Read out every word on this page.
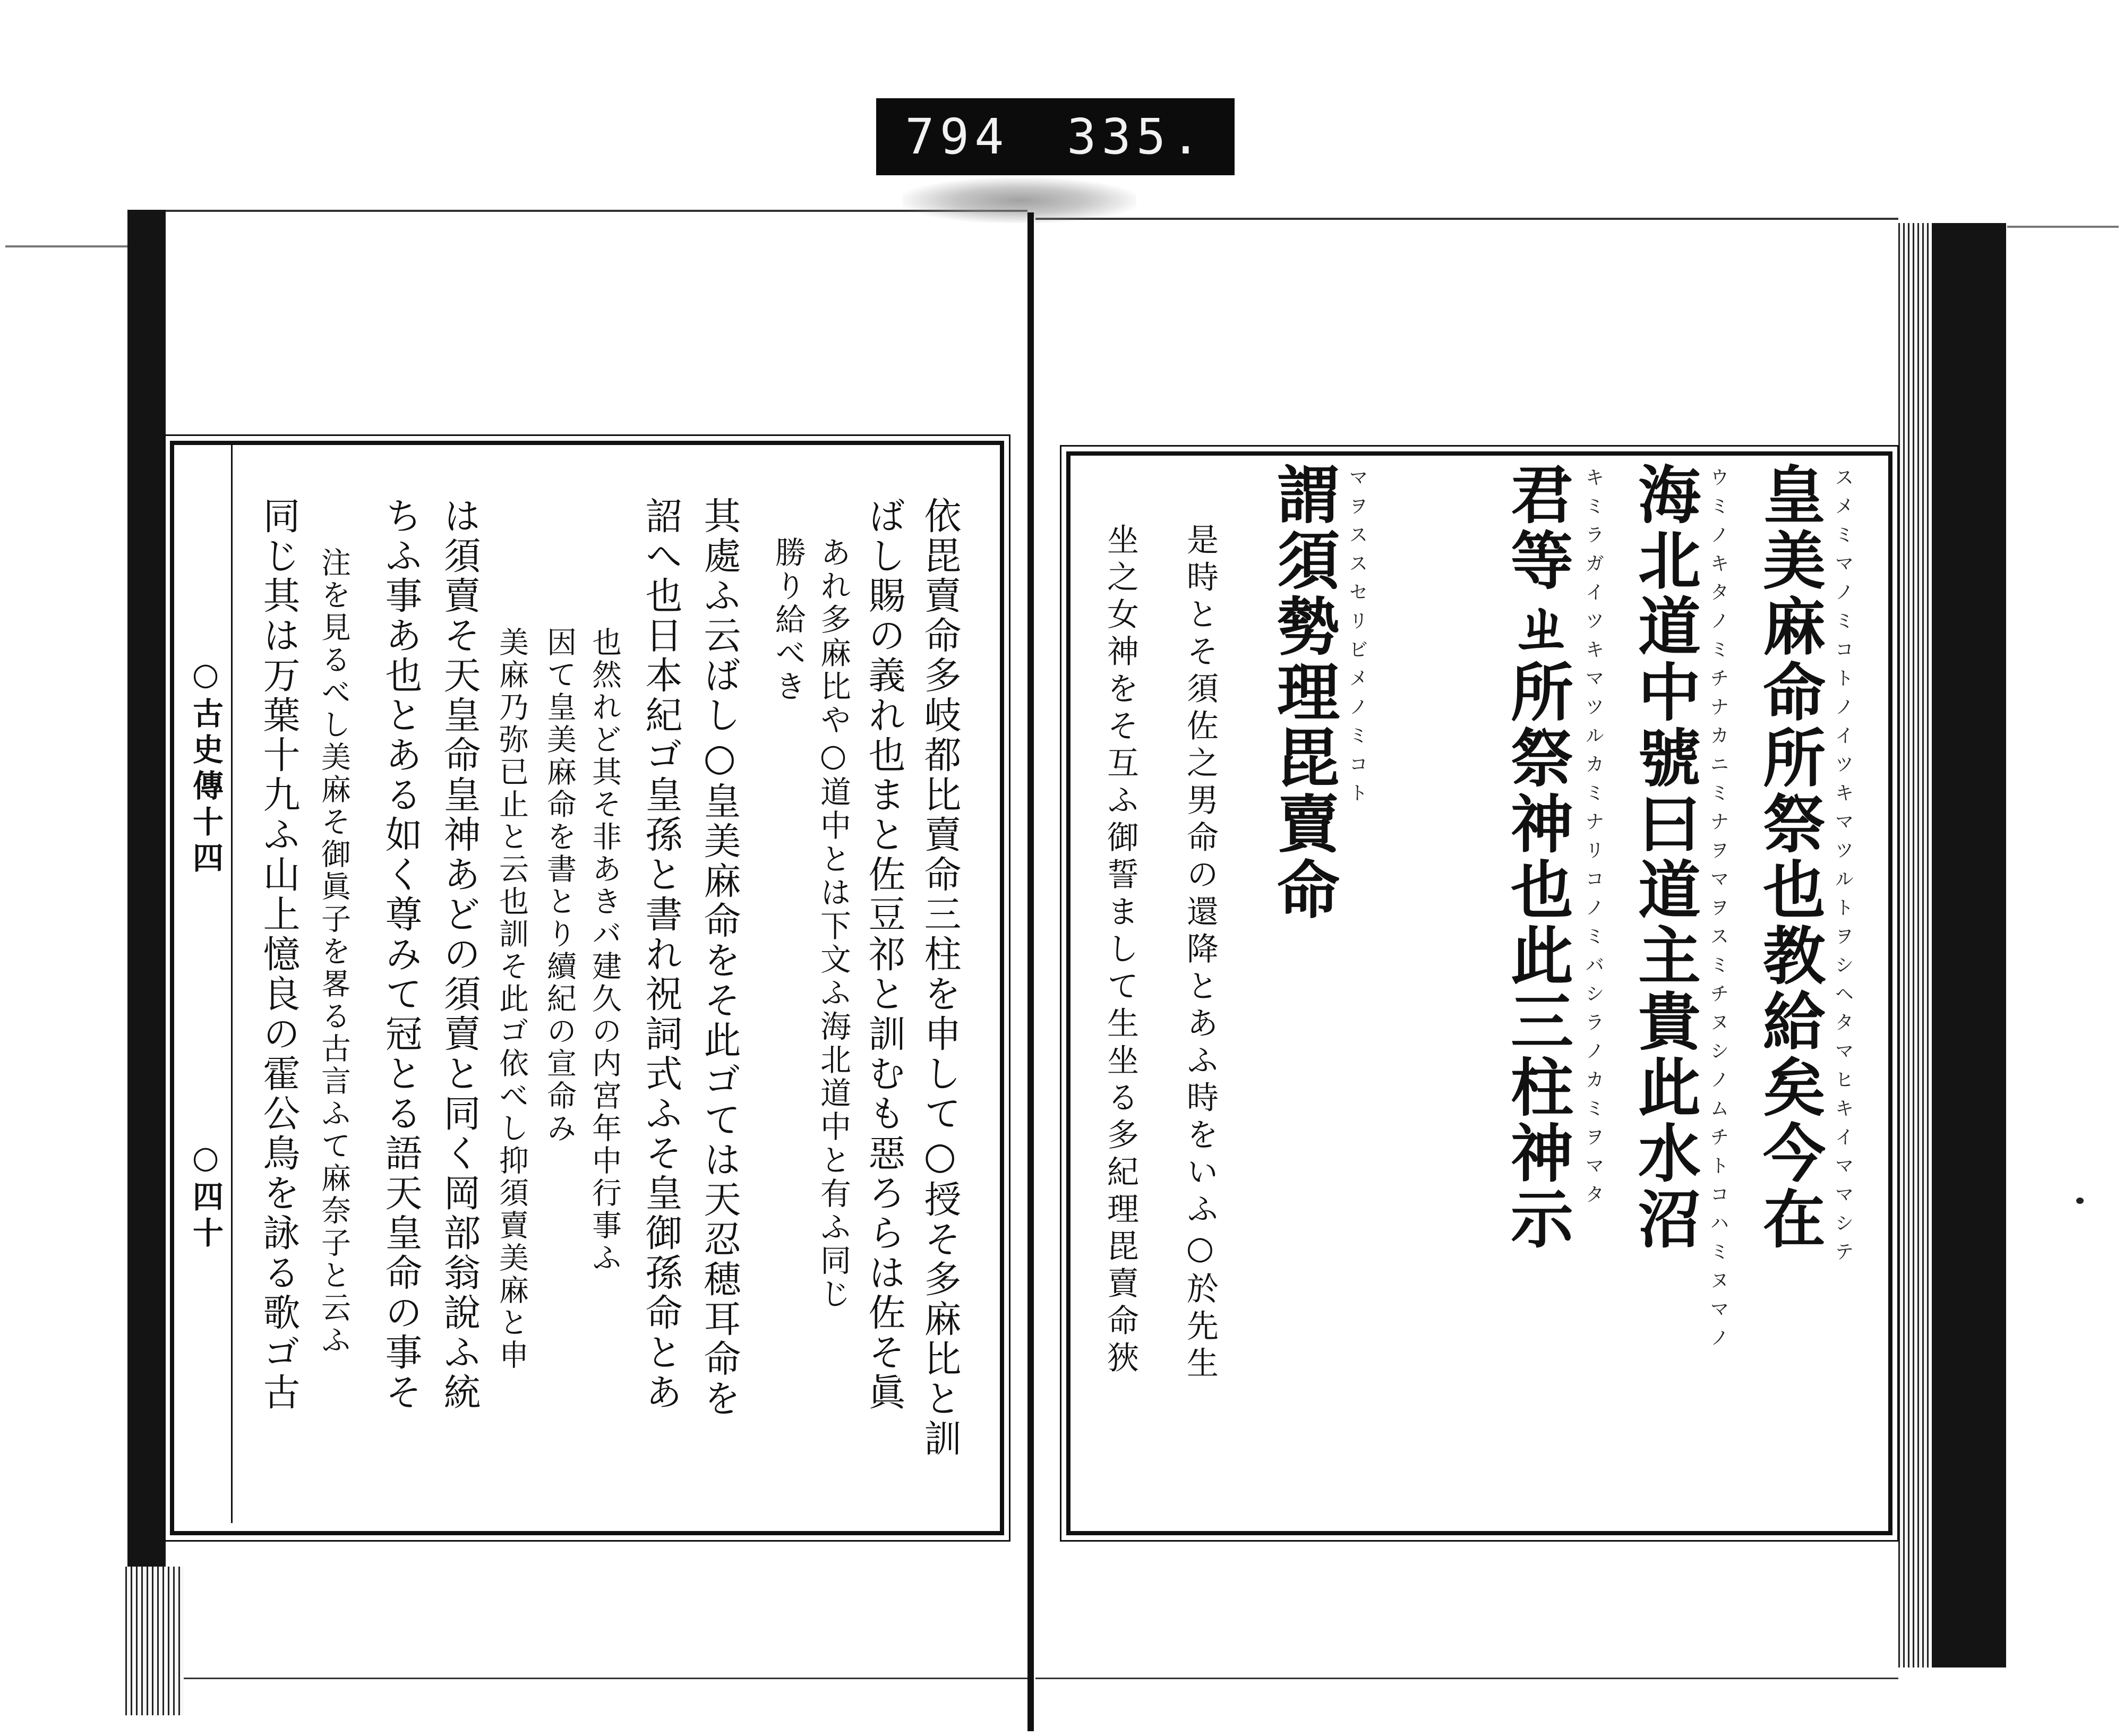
794 335.
皇美麻命所祭也教給矣今在
海北道中號曰道主貴此水沼
君等ㄓ所祭神也此三柱神示
謂須勢理毘賣命	スメミマノミコトノイツキマツルトヲシヘタマヒキイママシテ
ウミノキタノミチナカニミナヲマヲスミチヌシノムチトコハミヌマノ
キミラガイツキマツルカミナリコノミバシラノカミヲマタ
マヲススセリビメノミコト
是時とそ須佐之男命の還降とあふ時をいふ○於先生
坐之女神をそ互ふ御誓まして生坐る多紀理毘賣命狹
○古史傳十四
○四十	依毘賣命多岐都比賣命三柱を申して○授そ多麻比と訓
ばし賜の義れ也まと佐豆祁と訓むも惡ろらは佐そ眞
あれ多麻比や○道中とは下文ふ海北道中と有ふ同じ
勝り給べき
其處ふ云ばし○皇美麻命をそ此ゴては天忍穂耳命を
詔へ也日本紀ゴ皇孫と書れ祝詞式ふそ皇御孫命とあ
也然れど其そ非あきバ建久の内宮年中行事ふ
因て皇美麻命を書とり續紀の宣命み
美麻乃弥已止と云也訓そ此ゴ依べし抑須賣美麻と申
は須賣そ天皇命皇神あどの須賣と同く岡部翁說ふ統
ちふ事あ也とある如く尊みて冠とる語天皇命の事そ
注を見るべし美麻そ御眞子を畧る古言ふて麻奈子と云ふ
同じ其は万葉十九ふ山上憶良の霍公鳥を詠る歌ゴ古
